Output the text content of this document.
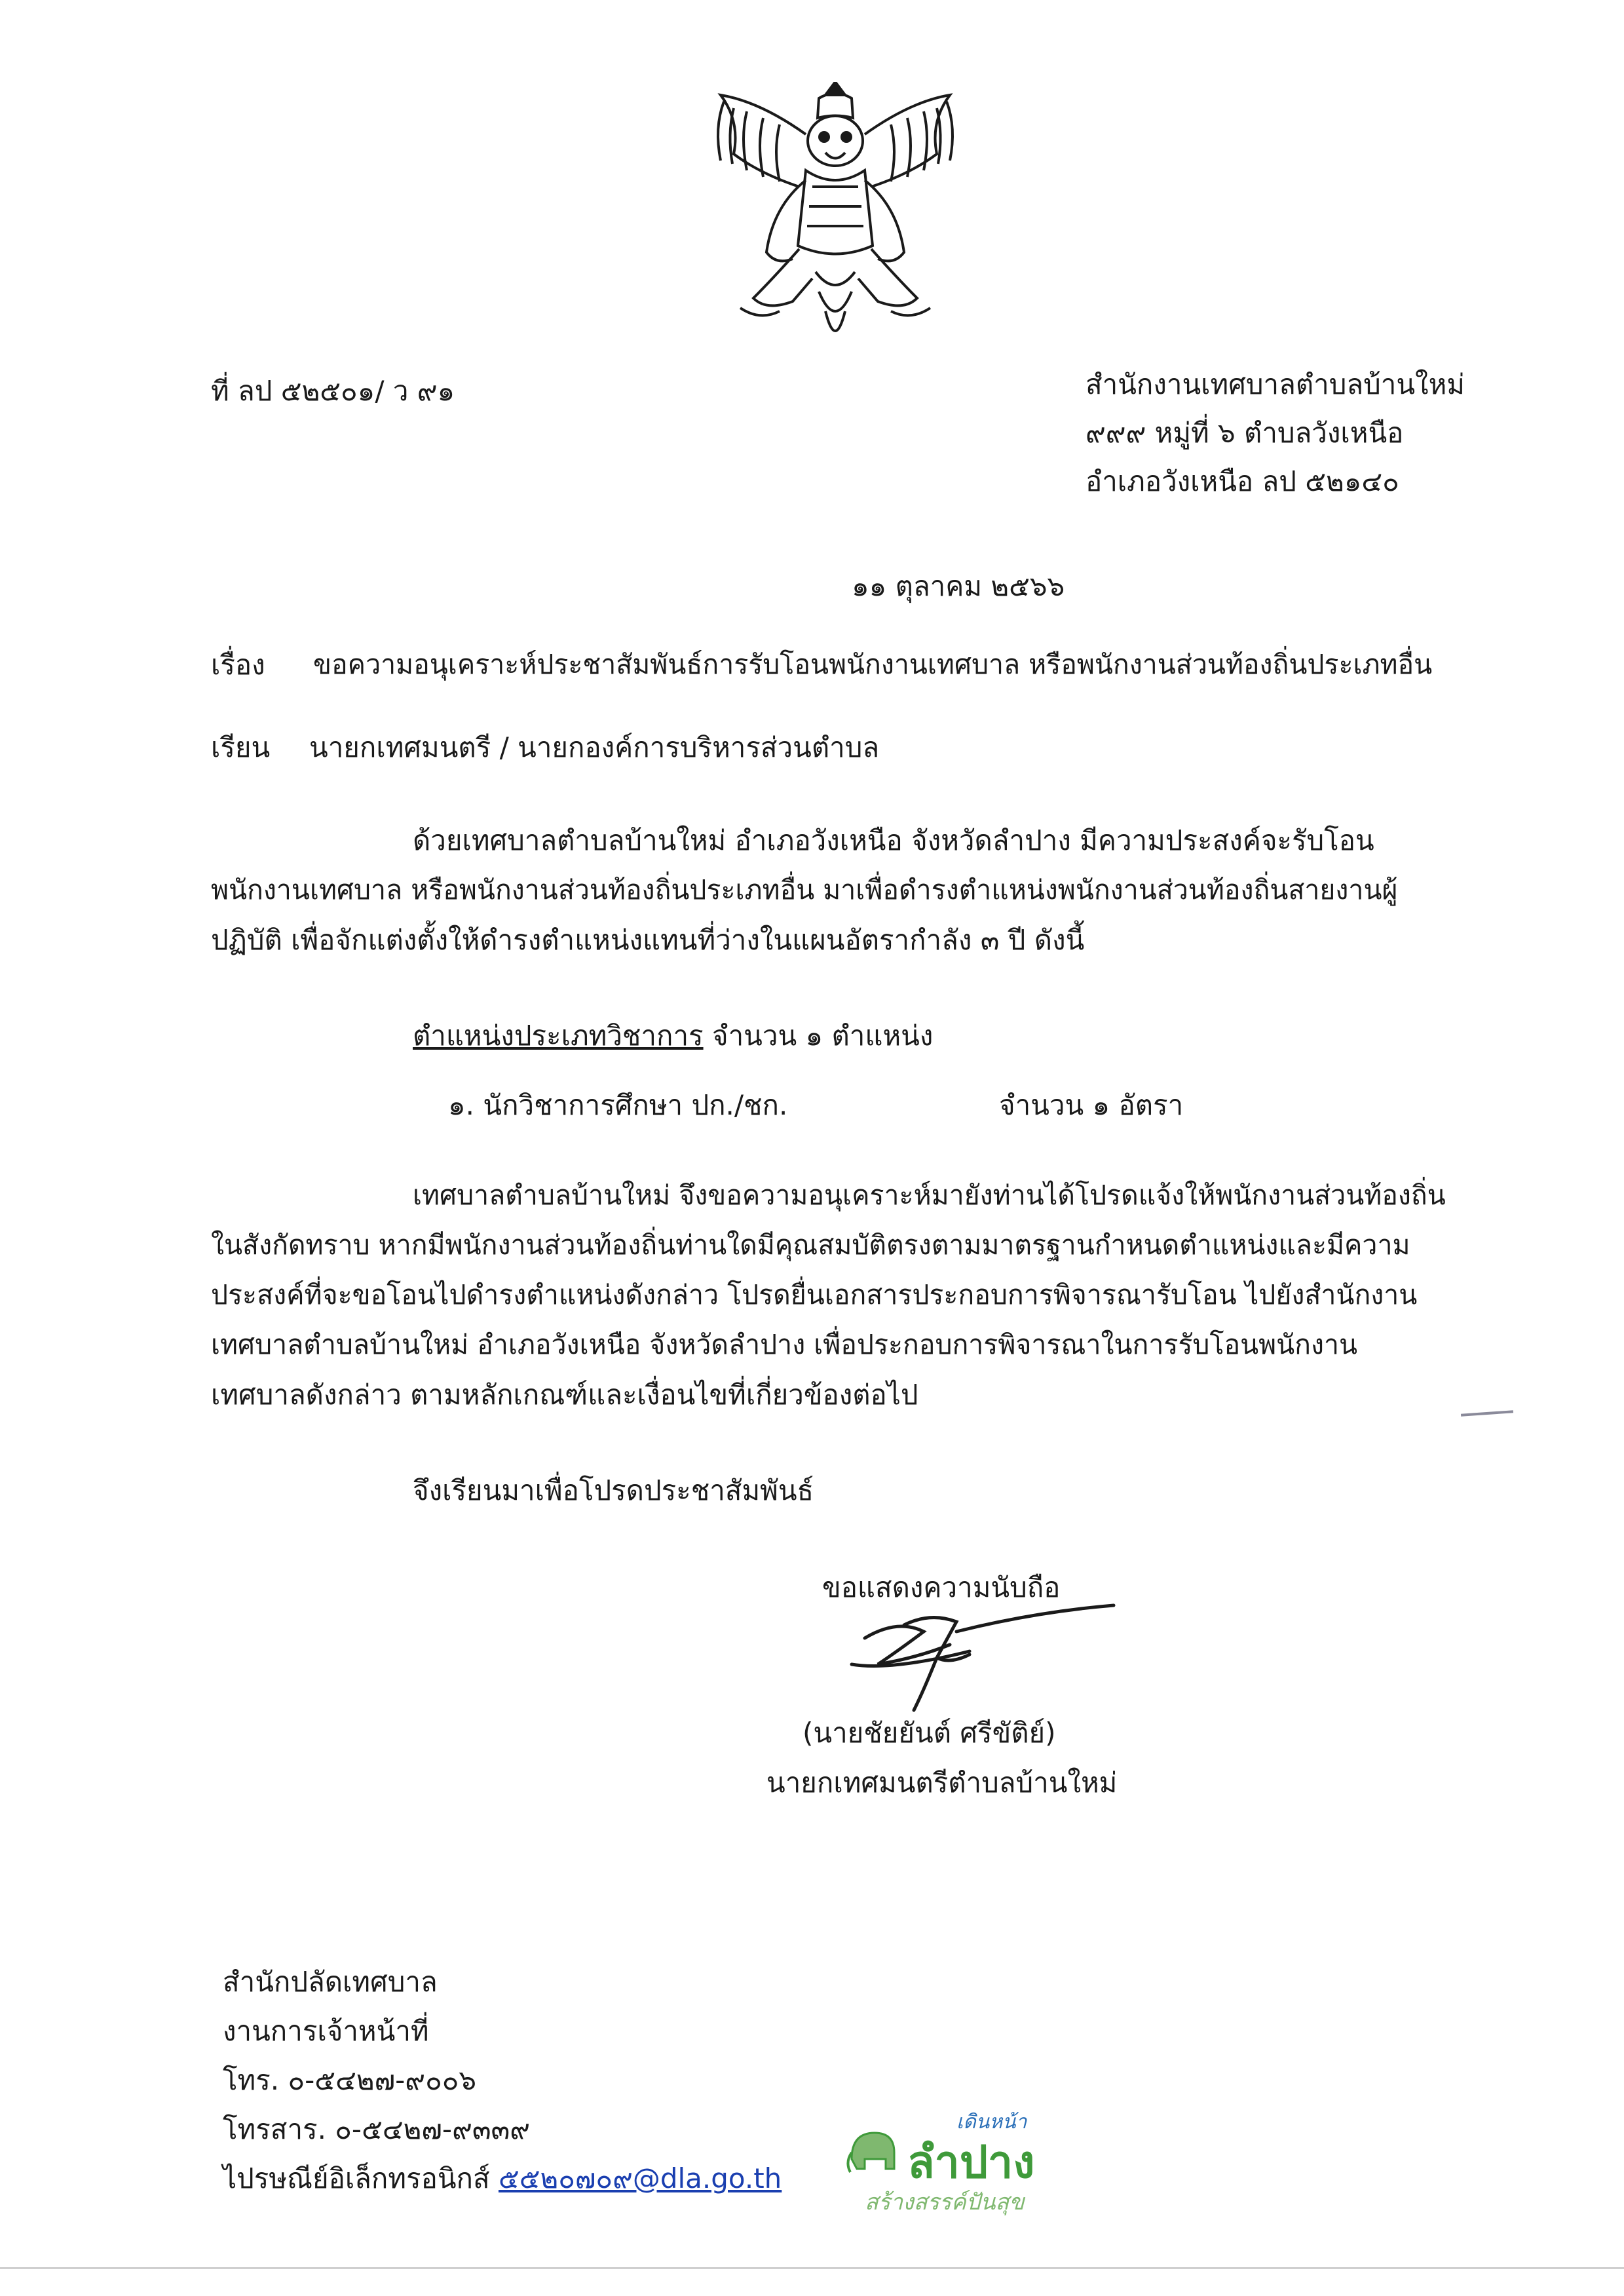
ที่ ลป ๕๒๕๐๑/ ว ๙๑	สำนักงานเทศบาลตำบลบ้านใหม่
๙๙๙ หมู่ที่ ๖ ตำบลวังเหนือ
อำเภอวังเหนือ ลป ๕๒๑๔๐
๑๑ ตุลาคม ๒๕๖๖
เรื่อง ขอความอนุเคราะห์ประชาสัมพันธ์การรับโอนพนักงานเทศบาล หรือพนักงานส่วนท้องถิ่นประเภทอื่น
เรียน นายกเทศมนตรี / นายกองค์การบริหารส่วนตำบล
ด้วยเทศบาลตำบลบ้านใหม่ อำเภอวังเหนือ จังหวัดลำปาง มีความประสงค์จะรับโอน
พนักงานเทศบาล หรือพนักงานส่วนท้องถิ่นประเภทอื่น มาเพื่อดำรงตำแหน่งพนักงานส่วนท้องถิ่นสายงานผู้
ปฏิบัติ เพื่อจักแต่งตั้งให้ดำรงตำแหน่งแทนที่ว่างในแผนอัตรากำลัง ๓ ปี ดังนี้
ตำแหน่งประเภทวิชาการ จำนวน ๑ ตำแหน่ง
๑. นักวิชาการศึกษา ปก./ชก.	จำนวน ๑ อัตรา
เทศบาลตำบลบ้านใหม่ จึงขอความอนุเคราะห์มายังท่านได้โปรดแจ้งให้พนักงานส่วนท้องถิ่น
ในสังกัดทราบ หากมีพนักงานส่วนท้องถิ่นท่านใดมีคุณสมบัติตรงตามมาตรฐานกำหนดตำแหน่งและมีความ
ประสงค์ที่จะขอโอนไปดำรงตำแหน่งดังกล่าว โปรดยื่นเอกสารประกอบการพิจารณารับโอน ไปยังสำนักงาน
เทศบาลตำบลบ้านใหม่ อำเภอวังเหนือ จังหวัดลำปาง เพื่อประกอบการพิจารณาในการรับโอนพนักงาน
เทศบาลดังกล่าว ตามหลักเกณฑ์และเงื่อนไขที่เกี่ยวข้องต่อไป
จึงเรียนมาเพื่อโปรดประชาสัมพันธ์
ขอแสดงความนับถือ
(นายชัยยันต์ ศรีขัติย์)
นายกเทศมนตรีตำบลบ้านใหม่
สำนักปลัดเทศบาล
งานการเจ้าหน้าที่
โทร. ๐-๕๔๒๗-๙๐๐๖
โทรสาร. ๐-๕๔๒๗-๙๓๓๙
ไปรษณีย์อิเล็กทรอนิกส์ ๕๕๒๐๗๐๙@dla.go.th
เดินหน้า
ลำปาง
สร้างสรรค์ปันสุข
